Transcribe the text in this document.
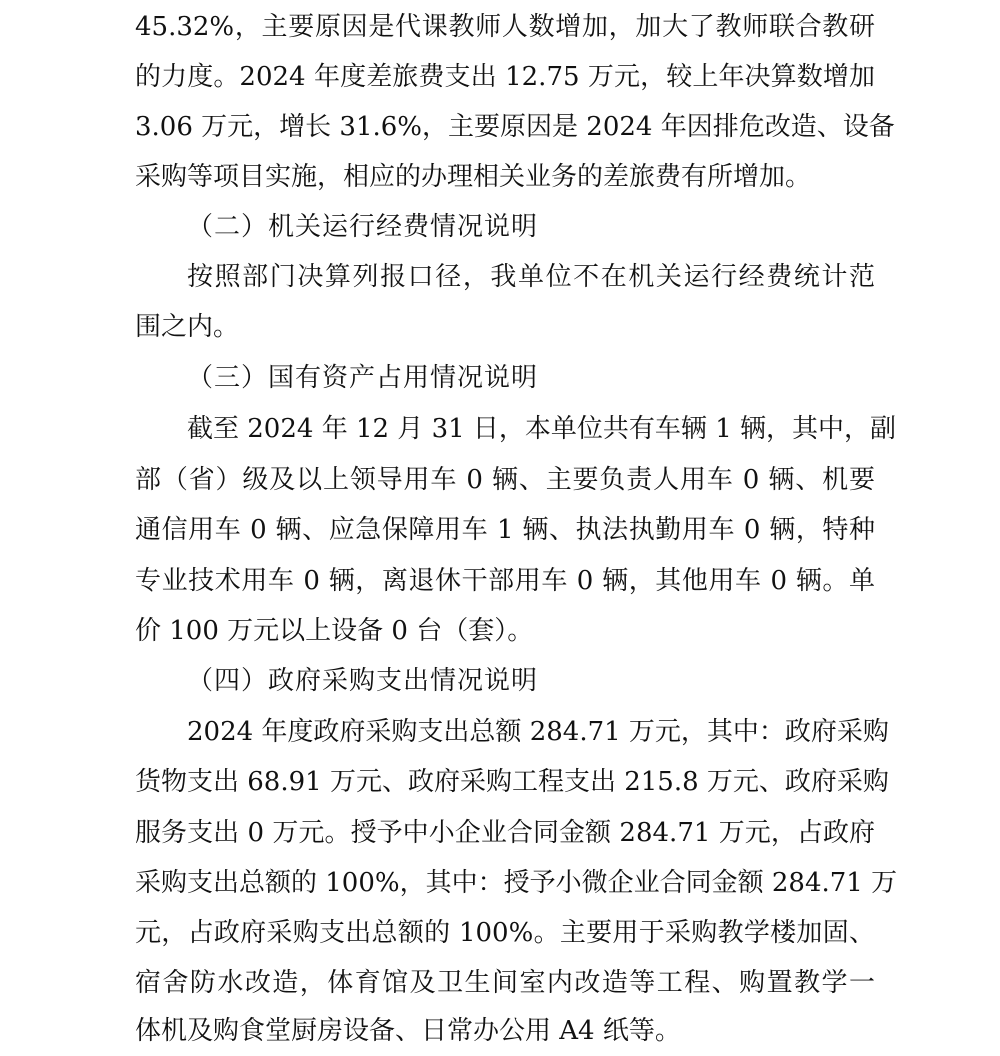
45.32%，主要原因是代课教师人数增加，加大了教师联合教研
的力度。2024 年度差旅费支出 12.75 万元，较上年决算数增加
3.06 万元，增长 31.6%，主要原因是 2024 年因排危改造、设备
采购等项目实施，相应的办理相关业务的差旅费有所增加。
（二）机关运行经费情况说明
按照部门决算列报口径，我单位不在机关运行经费统计范
围之内。
（三）国有资产占用情况说明
截至 2024 年 12 月 31 日，本单位共有车辆 1 辆，其中，副
部（省）级及以上领导用车 0 辆、主要负责人用车 0 辆、机要
通信用车 0 辆、应急保障用车 1 辆、执法执勤用车 0 辆，特种
专业技术用车 0 辆，离退休干部用车 0 辆，其他用车 0 辆。单
价 100 万元以上设备 0 台（套）。
（四）政府采购支出情况说明
2024 年度政府采购支出总额 284.71 万元，其中：政府采购
货物支出 68.91 万元、政府采购工程支出 215.8 万元、政府采购
服务支出 0 万元。授予中小企业合同金额 284.71 万元，占政府
采购支出总额的 100%，其中：授予小微企业合同金额 284.71 万
元，占政府采购支出总额的 100%。主要用于采购教学楼加固、
宿舍防水改造，体育馆及卫生间室内改造等工程、购置教学一
体机及购食堂厨房设备、日常办公用 A4 纸等。
